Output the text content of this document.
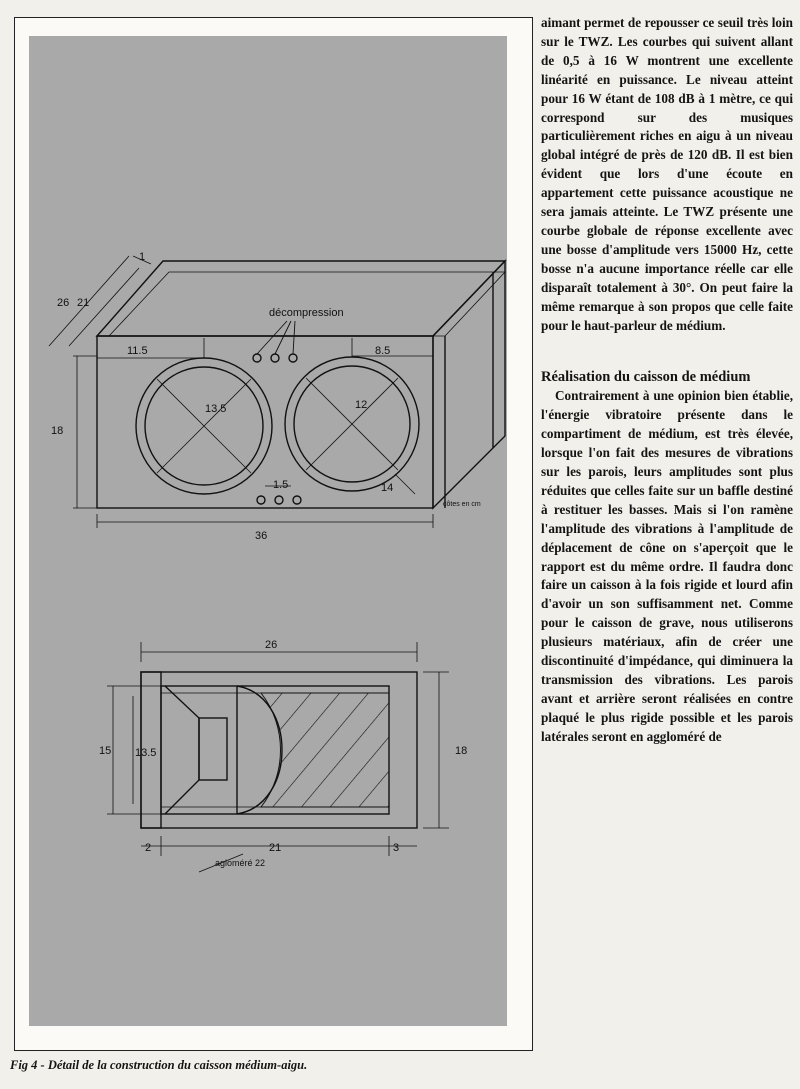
26 21
1
11.5	8.5
18
36
13.5	12
1.5	14
décompression
côtes en cm
26
18
15 13.5
2	21	3
agloméré 22
Fig 4 - Détail de la construction du caisson médium-aigu.

aimant permet de repousser ce seuil très loin sur le TWZ. Les courbes qui suivent allant de 0,5 à 16 W montrent une excellente linéarité en puissance. Le niveau atteint pour 16 W étant de 108 dB à 1 mètre, ce qui correspond sur des musiques particulièrement riches en aigu à un niveau global intégré de près de 120 dB. Il est bien évident que lors d'une écoute en appartement cette puissance acoustique ne sera jamais atteinte. Le TWZ présente une courbe globale de réponse excellente avec une bosse d'amplitude vers 15000 Hz, cette bosse n'a aucune importance réelle car elle disparaît totalement à 30°. On peut faire la même remarque à son propos que celle faite pour le haut-parleur de médium.

Réalisation du caisson de médium

Contrairement à une opinion bien établie, l'énergie vibratoire présente dans le compartiment de médium, est très élevée, lorsque l'on fait des mesures de vibrations sur les parois, leurs amplitudes sont plus réduites que celles faite sur un baffle destiné à restituer les basses. Mais si l'on ramène l'amplitude des vibrations à l'amplitude de déplacement de cône on s'aperçoit que le rapport est du même ordre. Il faudra donc faire un caisson à la fois rigide et lourd afin d'avoir un son suffisamment net. Comme pour le caisson de grave, nous utiliserons plusieurs matériaux, afin de créer une discontinuité d'impédance, qui diminuera la transmission des vibrations. Les parois avant et arrière seront réalisées en contre plaqué le plus rigide possible et les parois latérales seront en aggloméré de
